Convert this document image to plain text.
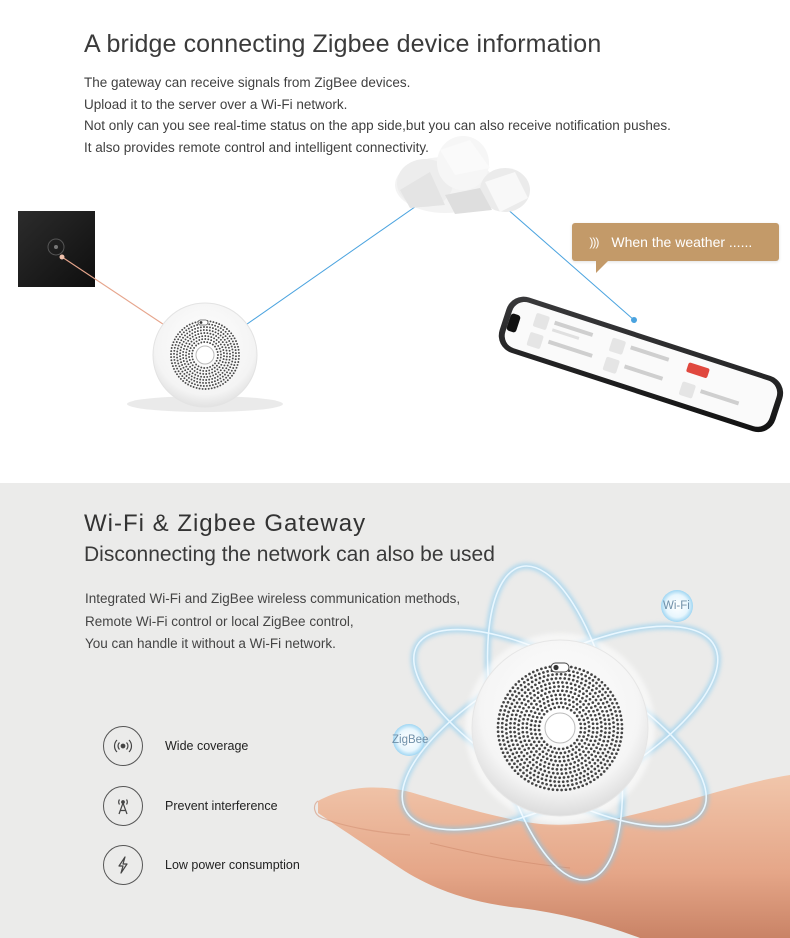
A bridge connecting Zigbee device information
The gateway can receive signals from ZigBee devices.
Upload it to the server over a Wi-Fi network.
Not only can you see real-time status on the app side,but you can also receive notification pushes.
It also provides remote control and intelligent connectivity.
 ))) When the weather ......
Wi-Fi
ZigBee
Wi-Fi & Zigbee Gateway
Disconnecting the network can also be used
Integrated Wi-Fi and ZigBee wireless communication methods,
Remote Wi-Fi control or local ZigBee control,
You can handle it without a Wi-Fi network.
Wide coverage
Prevent interference
Low power consumption
